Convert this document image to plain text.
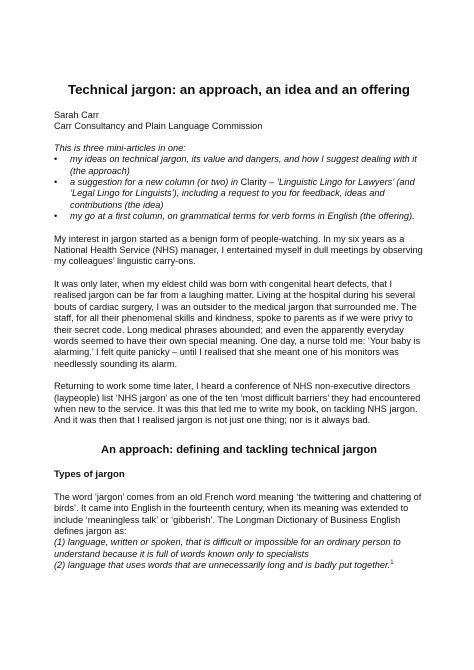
Technical jargon: an approach, an idea and an offering
Sarah Carr
Carr Consultancy and Plain Language Commission
This is three mini-articles in one:
• my ideas on technical jargon, its value and dangers, and how I suggest dealing with it (the approach)
• a suggestion for a new column (or two) in Clarity – ‘Linguistic Lingo for Lawyers’ (and ‘Legal Lingo for Linguists’), including a request to you for feedback, ideas and contributions (the idea)
• my go at a first column, on grammatical terms for verb forms in English (the offering).

My interest in jargon started as a benign form of people-watching. In my six years as a National Health Service (NHS) manager, I entertained myself in dull meetings by observing my colleagues’ linguistic carry-ons.

It was only later, when my eldest child was born with congenital heart defects, that I realised jargon can be far from a laughing matter. Living at the hospital during his several bouts of cardiac surgery, I was an outsider to the medical jargon that surrounded me. The staff, for all their phenomenal skills and kindness, spoke to parents as if we were privy to their secret code. Long medical phrases abounded; and even the apparently everyday words seemed to have their own special meaning. One day, a nurse told me: ‘Your baby is alarming.’ I felt quite panicky – until I realised that she meant one of his monitors was needlessly sounding its alarm.

Returning to work some time later, I heard a conference of NHS non-executive directors (laypeople) list ‘NHS jargon’ as one of the ten ‘most difficult barriers’ they had encountered when new to the service. It was this that led me to write my book, on tackling NHS jargon. And it was then that I realised jargon is not just one thing; nor is it always bad.

An approach: defining and tackling technical jargon
Types of jargon

The word ‘jargon’ comes from an old French word meaning ‘the twittering and chattering of birds’. It came into English in the fourteenth century, when its meaning was extended to include ‘meaningless talk’ or ‘gibberish’. The Longman Dictionary of Business English defines jargon as:
(1) language, written or spoken, that is difficult or impossible for an ordinary person to understand because it is full of words known only to specialists
(2) language that uses words that are unnecessarily long and is badly put together.$^1$
